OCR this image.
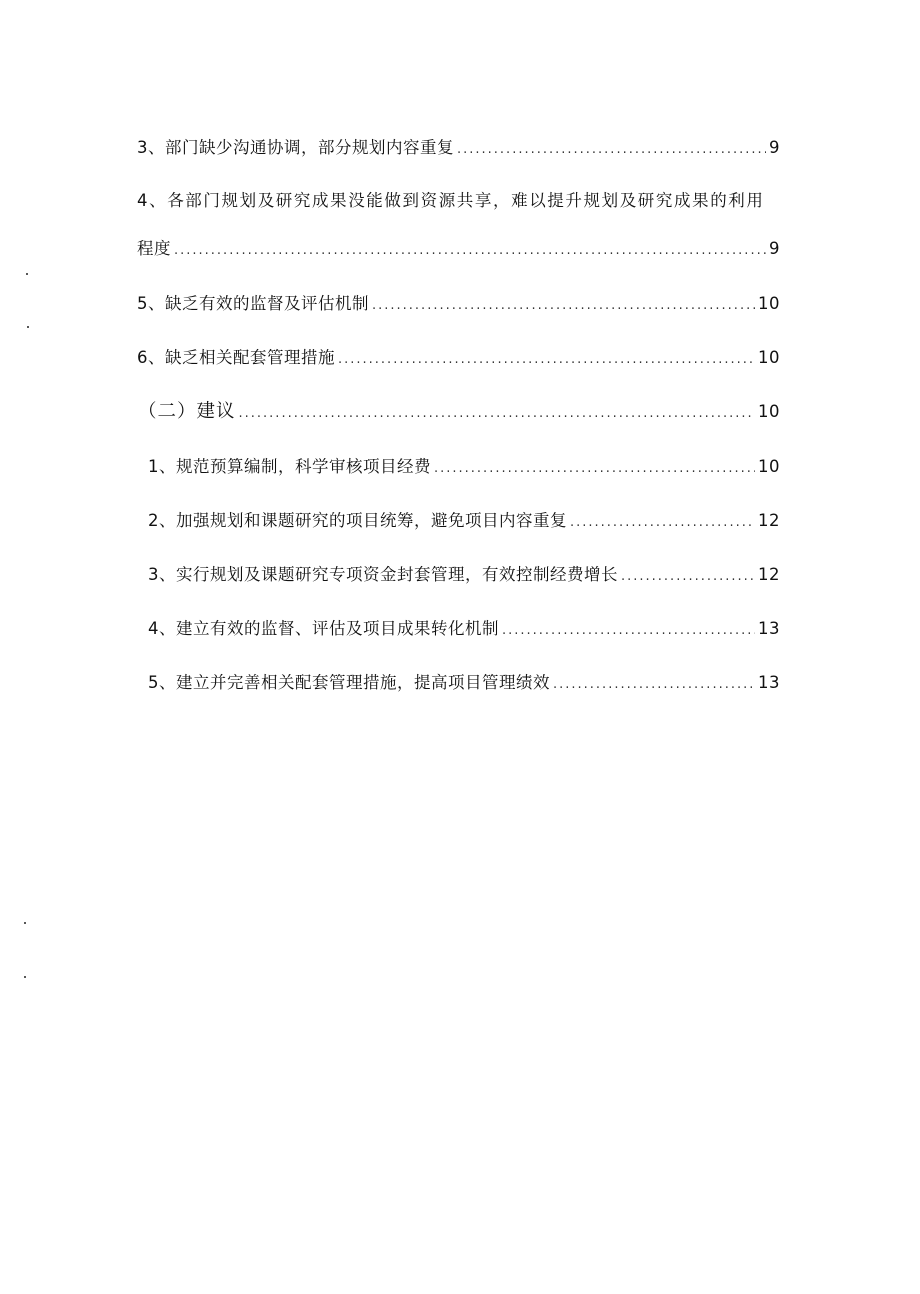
3、部门缺少沟通协调，部分规划内容重复 .....	9
4、各部门规划及研究成果没能做到资源共享，难以提升规划及研究成果的利用
程度 .....	9
5、缺乏有效的监督及评估机制 .....	10
6、缺乏相关配套管理措施 .....	10
（二）建议 .....	10
1、规范预算编制，科学审核项目经费 .....	10
2、加强规划和课题研究的项目统筹，避免项目内容重复 .....	12
3、实行规划及课题研究专项资金封套管理，有效控制经费增长 .....	12
4、建立有效的监督、评估及项目成果转化机制 .....	13
5、建立并完善相关配套管理措施，提高项目管理绩效 .....	13
